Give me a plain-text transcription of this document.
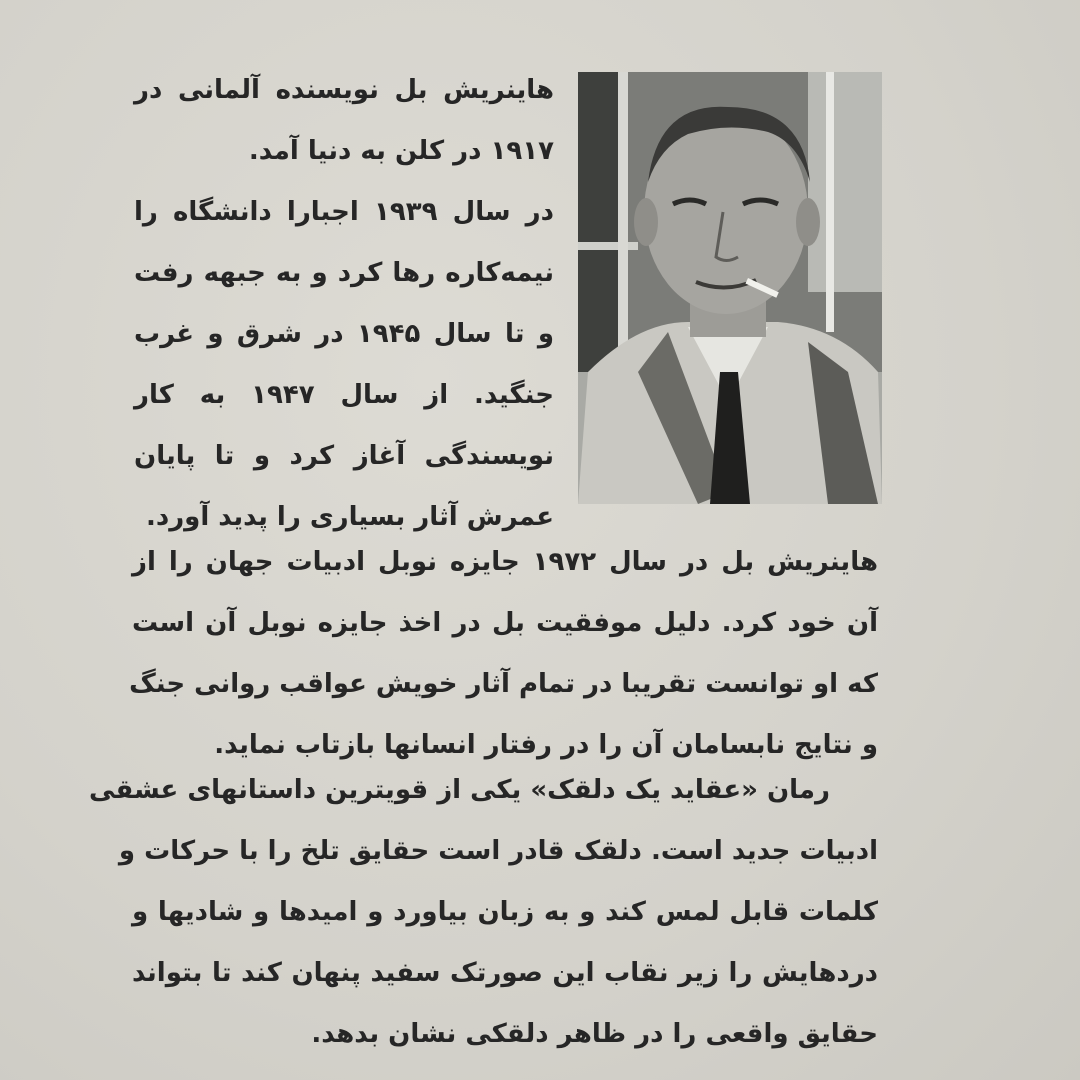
هاینریش بل نویسنده آلمانی در
۱۹۱۷ در کلن به دنیا آمد.
در سال ۱۹۳۹ اجبارا دانشگاه را
نیمه‌کاره رها کرد و به جبهه رفت
و تا سال ۱۹۴۵ در شرق و غرب
جنگید. از سال ۱۹۴۷ به کار
نویسندگی آغاز کرد و تا پایان
عمرش آثار بسیاری را پدید آورد.

هاینریش بل در سال ۱۹۷۲ جایزه نوبل ادبیات جهان را از
آن خود کرد. دلیل موفقیت بل در اخذ جایزه نوبل آن است
که او توانست تقریبا در تمام آثار خویش عواقب روانی جنگ
و نتایج نابسامان آن را در رفتار انسانها بازتاب نماید.

رمان «عقاید یک دلقک» یکی از قویترین داستانهای عشقی
ادبیات جدید است. دلقک قادر است حقایق تلخ را با حرکات و
کلمات قابل لمس کند و به زبان بیاورد و امیدها و شادیها و
دردهایش را زیر نقاب این صورتک سفید پنهان کند تا بتواند
حقایق واقعی را در ظاهر دلقکی نشان بدهد.
